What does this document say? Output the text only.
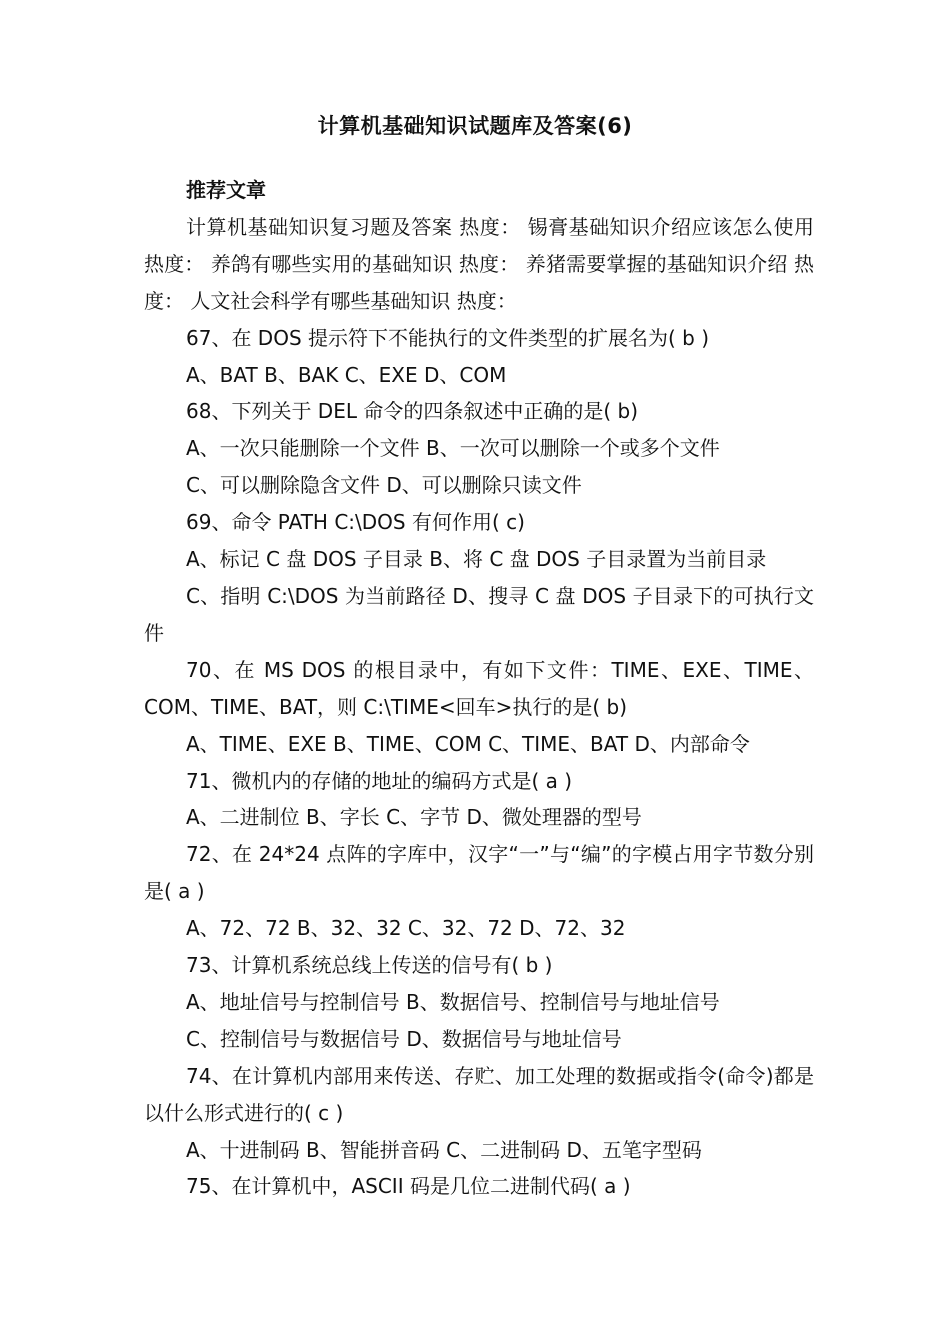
计算机基础知识试题库及答案(6)

推荐文章

计算机基础知识复习题及答案 热度： 锡膏基础知识介绍应该怎么使用 热度： 养鸽有哪些实用的基础知识 热度： 养猪需要掌握的基础知识介绍 热度： 人文社会科学有哪些基础知识 热度：

67、在 DOS 提示符下不能执行的文件类型的扩展名为( b )

A、BAT B、BAK C、EXE D、COM

68、下列关于 DEL 命令的四条叙述中正确的是( b)

A、一次只能删除一个文件 B、一次可以删除一个或多个文件

C、可以删除隐含文件 D、可以删除只读文件

69、命令 PATH C:\DOS 有何作用( c)

A、标记 C 盘 DOS 子目录 B、将 C 盘 DOS 子目录置为当前目录

C、指明 C:\DOS 为当前路径 D、搜寻 C 盘 DOS 子目录下的可执行文件

70、在 MS DOS 的根目录中，有如下文件：TIME、EXE、TIME、COM、TIME、BAT，则 C:\TIME<回车>执行的是( b)

A、TIME、EXE B、TIME、COM C、TIME、BAT D、内部命令

71、微机内的存储的地址的编码方式是( a )

A、二进制位 B、字长 C、字节 D、微处理器的型号

72、在 24*24 点阵的字库中，汉字“一”与“编”的字模占用字节数分别是( a )

A、72、72 B、32、32 C、32、72 D、72、32

73、计算机系统总线上传送的信号有( b )

A、地址信号与控制信号 B、数据信号、控制信号与地址信号

C、控制信号与数据信号 D、数据信号与地址信号

74、在计算机内部用来传送、存贮、加工处理的数据或指令(命令)都是以什么形式进行的( c )

A、十进制码 B、智能拼音码 C、二进制码 D、五笔字型码

75、在计算机中，ASCII 码是几位二进制代码( a )
